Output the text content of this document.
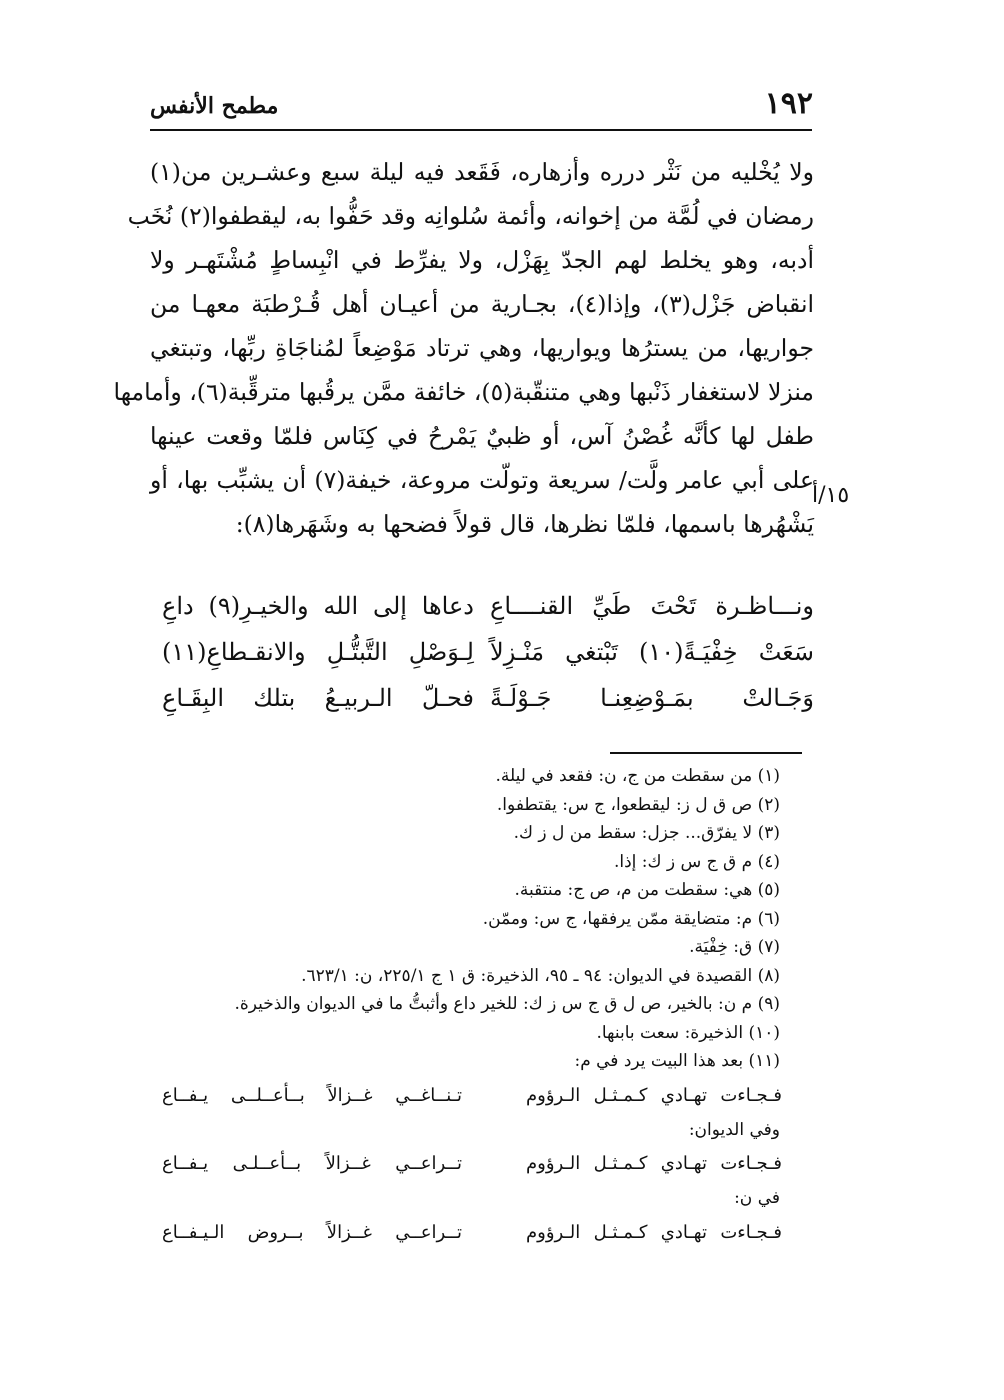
١٩٢
مطمح الأنفس
ولا يُخْليه من نَثْر درره وأزهاره، فَقَعد فيه ليلة سبع وعشـرين من(١)
رمضان في لُمَّة من إخوانه، وأئمة سُلوانِه وقد حَفُّوا به، ليقطفوا(٢) نُخَب
أدبه، وهو يخلط لهم الجدّ بِهَزْل، ولا يفرِّط في انْبِساطٍ مُشْتَهـر ولا
انقباض جَزْل(٣)، وإذا(٤)، بجـارية من أعيـان أهل قُـرْطبَة معهـا من
جواريها، من يسترُها ويواريها، وهي ترتاد مَوْضِعاً لمُناجَاةِ ربِّها، وتبتغي
منزلا لاستغفار ذَنْبها وهي متنقّبة(٥)، خائفة ممَّن يرقُبها مترقِّبة(٦)، وأمامها
طفل لها كأنَّه غُصْنُ آس، أو ظبيٌ يَمْرحُ في كِنَاس فلمّا وقعت عينها
على أبي عامر ولَّت/ سريعة وتولّت مروعة، خيفة(٧) أن يشبِّب بها، أو
يَشْهُرها باسمها، فلمّا نظرها، قال قولاً فضحها به وشَهَرها(٨):
١٥/أ
ونـــاظـرة تَحْتَ طَيِّ القنــــاعِ
دعاها إلى الله والخيـرِ(٩) داعِ
سَعَتْ خِفْيَـةً(١٠) تَبْتغي مَنْـزِلاً
لِـوَصْلِ التَّبتُّـلِ والانقـطاعِ(١١)
وَجَـالتْ بمَـوْضِعِنـا جَـوْلَـةً
فحـلّ الـربيـعُ بتلك البِقَـاعِ
(١) من سقطت من ج، ن: فقعد في ليلة.
(٢) ص ق ل ز: ليقطعوا، ج س: يقتطفوا.
(٣) لا يفرّق... جزل: سقط من ل ز ك.
(٤) م ق ج س ز ك: إذا.
(٥) هي: سقطت من م، ص ج: منتقبة.
(٦) م: متضايقة ممّن يرفقها، ج س: وممّن.
(٧) ق: خِفْيَة.
(٨) القصيدة في الديوان: ٩٤ ـ ٩٥، الذخيرة: ق ١ ج ٢٢٥/١، ن: ٦٢٣/١.
(٩) م ن: بالخير، ص ل ق ج س ز ك: للخير داع وأثبتُّ ما في الديوان والذخيرة.
(١٠) الذخيرة: سعت بابنها.
(١١) بعد هذا البيت يرد في م:
فـجـاءت تهـادي كـمـثـل الـرؤوم
تـنــاغــي غــزالاً بــأعــلــى يـفــاع
وفي الديوان:
فـجـاءت تهـادي كـمـثـل الـرؤوم
تــراعــي غــزالاً بــأعــلـى يـفــاع
في ن:
فـجـاءت تهـادي كـمـثـل الـرؤوم
تــراعــي غــزالاً بــروض الـيـفــاع
